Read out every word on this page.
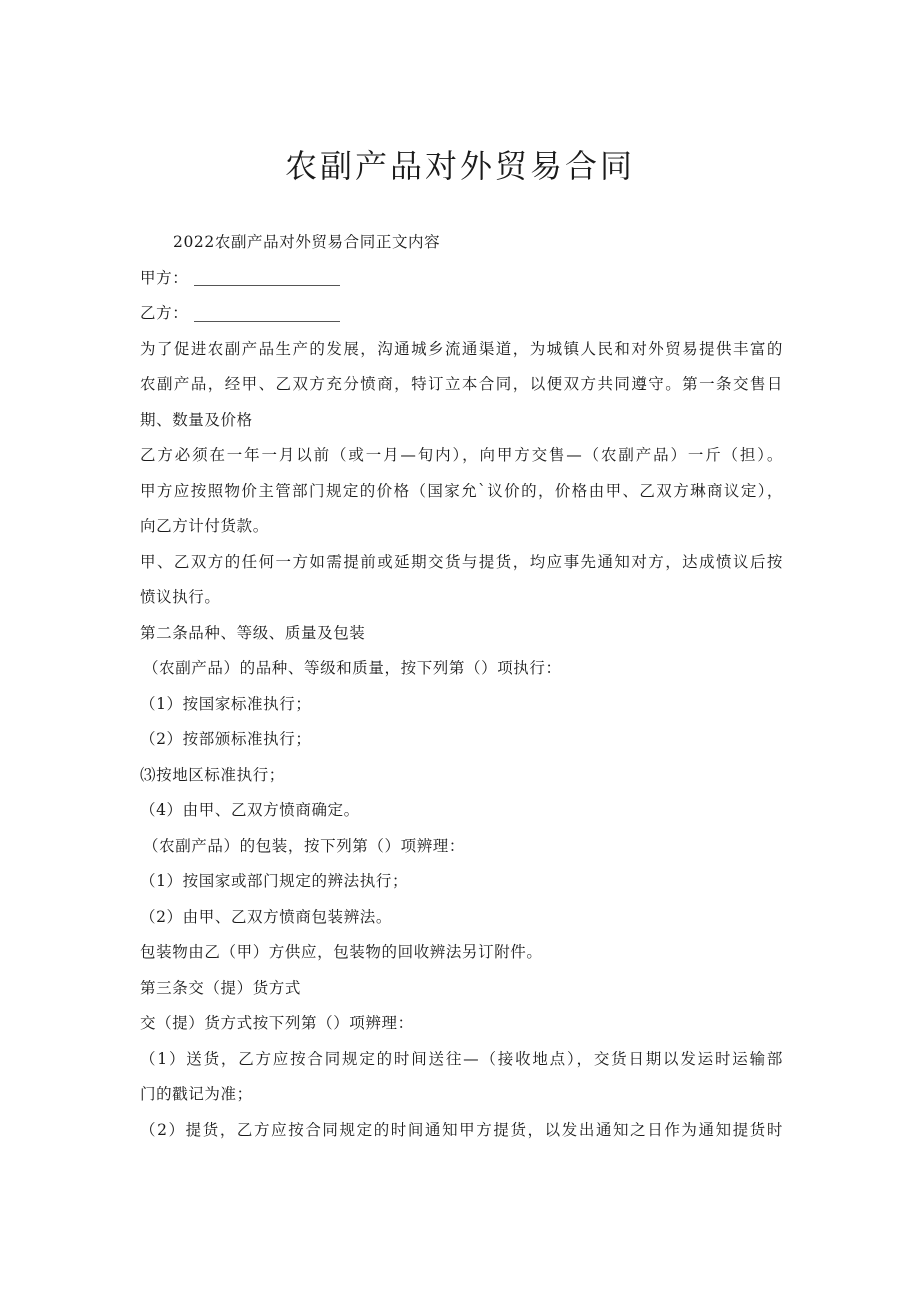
农副产品对外贸易合同

2022农副产品对外贸易合同正文内容

甲方：

乙方：

为了促进农副产品生产的发展，沟通城乡流通渠道，为城镇人民和对外贸易提供丰富的

农副产品，经甲、乙双方充分愤商，特订立本合同，以便双方共同遵守。第一条交售日

期、数量及价格

乙方必须在一年一月以前（或一月—旬内），向甲方交售—（农副产品）一斤（担）。

甲方应按照物价主管部门规定的价格（国家允`议价的，价格由甲、乙双方琳商议定），

向乙方计付货款。

甲、乙双方的任何一方如需提前或延期交货与提货，均应事先通知对方，达成愤议后按

愤议执行。

第二条品种、等级、质量及包装

（农副产品）的品种、等级和质量，按下列第（）项执行：

（1）按国家标准执行；

（2）按部颁标准执行；

⑶按地区标准执行；

（4）由甲、乙双方愤商确定。

（农副产品）的包装，按下列第（）项辨理：

（1）按国家或部门规定的辨法执行；

（2）由甲、乙双方愤商包装辨法。

包装物由乙（甲）方供应，包装物的回收辨法另订附件。

第三条交（提）货方式

交（提）货方式按下列第（）项辨理：

（1）送货，乙方应按合同规定的时间送往—（接收地点），交货日期以发运时运输部

门的戳记为准；

（2）提货，乙方应按合同规定的时间通知甲方提货，以发出通知之日作为通知提货时
